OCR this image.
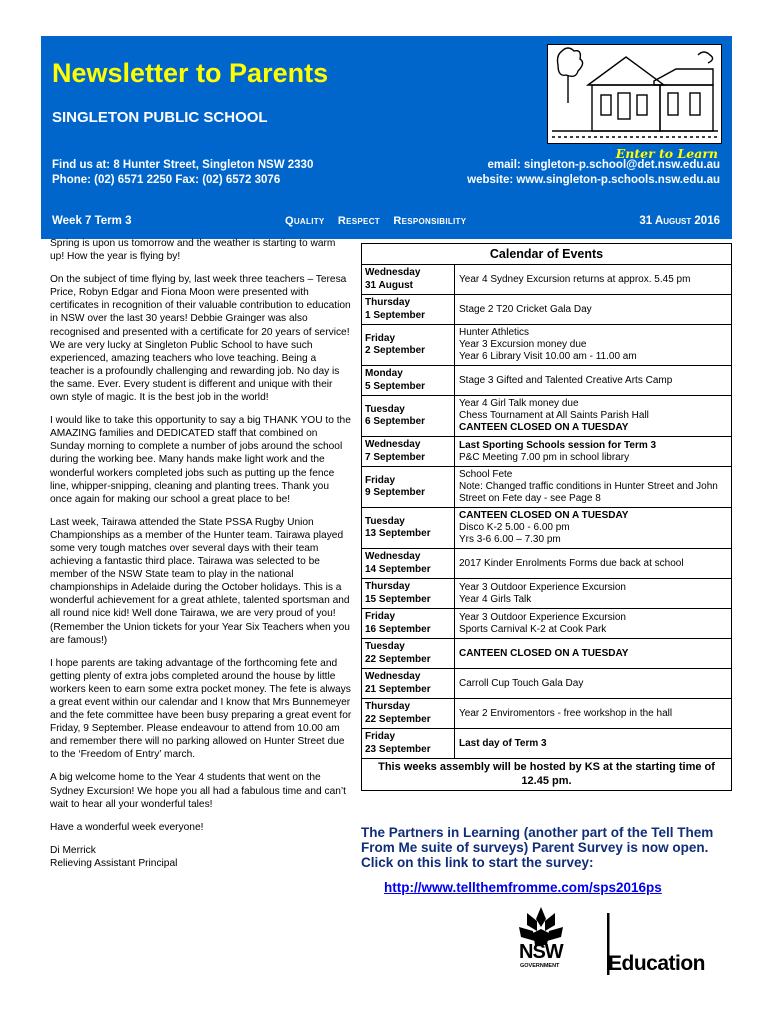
Newsletter to Parents
SINGLETON PUBLIC SCHOOL
Enter to Learn
Find us at: 8 Hunter Street, Singleton NSW 2330
Phone: (02) 6571 2250 Fax: (02) 6572 3076
email: singleton-p.school@det.nsw.edu.au
website: www.singleton-p.schools.nsw.edu.au
Week 7 Term 3	31 August 2016
Quality Respect Responsibility

Spring is upon us tomorrow and the weather is starting to warm up! How the year is flying by!

On the subject of time flying by, last week three teachers – Teresa Price, Robyn Edgar and Fiona Moon were presented with certificates in recognition of their valuable contribution to education in NSW over the last 30 years! Debbie Grainger was also recognised and presented with a certificate for 20 years of service! We are very lucky at Singleton Public School to have such experienced, amazing teachers who love teaching. Being a teacher is a profoundly challenging and rewarding job. No day is the same. Ever. Every student is different and unique with their own style of magic. It is the best job in the world!

I would like to take this opportunity to say a big THANK YOU to the AMAZING families and DEDICATED staff that combined on Sunday morning to complete a number of jobs around the school during the working bee. Many hands make light work and the wonderful workers completed jobs such as putting up the fence line, whipper-snipping, cleaning and planting trees. Thank you once again for making our school a great place to be!

Last week, Tairawa attended the State PSSA Rugby Union Championships as a member of the Hunter team. Tairawa played some very tough matches over several days with their team achieving a fantastic third place. Tairawa was selected to be member of the NSW State team to play in the national championships in Adelaide during the October holidays. This is a wonderful achievement for a great athlete, talented sportsman and all round nice kid! Well done Tairawa, we are very proud of you! (Remember the Union tickets for your Year Six Teachers when you are famous!)

I hope parents are taking advantage of the forthcoming fete and getting plenty of extra jobs completed around the house by little workers keen to earn some extra pocket money. The fete is always a great event within our calendar and I know that Mrs Bunnemeyer and the fete committee have been busy preparing a great event for Friday, 9 September. Please endeavour to attend from 10.00 am and remember there will no parking allowed on Hunter Street due to the ‘Freedom of Entry’ march.

A big welcome home to the Year 4 students that went on the Sydney Excursion! We hope you all had a fabulous time and can’t wait to hear all your wonderful tales!

Have a wonderful week everyone!

Di Merrick

Relieving Assistant Principal

Calendar of Events
Wednesday
31 August
Year 4 Sydney Excursion returns at approx. 5.45 pm
Thursday
1 September
Stage 2 T20 Cricket Gala Day
Friday
2 September
Hunter Athletics
Year 3 Excursion money due
Year 6 Library Visit 10.00 am - 11.00 am
Monday
5 September
Stage 3 Gifted and Talented Creative Arts Camp
Tuesday
6 September
Year 4 Girl Talk money due
Chess Tournament at All Saints Parish Hall
CANTEEN CLOSED ON A TUESDAY
Wednesday
7 September
Last Sporting Schools session for Term 3
P&C Meeting 7.00 pm in school library
Friday
9 September
School Fete
Note: Changed traffic conditions in Hunter Street and John Street on Fete day - see Page 8
Tuesday
13 September
CANTEEN CLOSED ON A TUESDAY
Disco K-2 5.00 - 6.00 pm
Yrs 3-6 6.00 – 7.30 pm
Wednesday
14 September
2017 Kinder Enrolments Forms due back at school
Thursday
15 September
Year 3 Outdoor Experience Excursion
Year 4 Girls Talk
Friday
16 September
Year 3 Outdoor Experience Excursion
Sports Carnival K-2 at Cook Park
Tuesday
22 September
CANTEEN CLOSED ON A TUESDAY
Wednesday
21 September
Carroll Cup Touch Gala Day
Thursday
22 September
Year 2 Enviromentors - free workshop in the hall
Friday
23 September
Last day of Term 3
This weeks assembly will be hosted by KS at the starting time of 12.45 pm.
The Partners in Learning (another part of the Tell Them From Me suite of surveys) Parent Survey is now open. Click on this link to start the survey:
http://www.tellthemfromme.com/sps2016ps
NSW
GOVERNMENT Education
